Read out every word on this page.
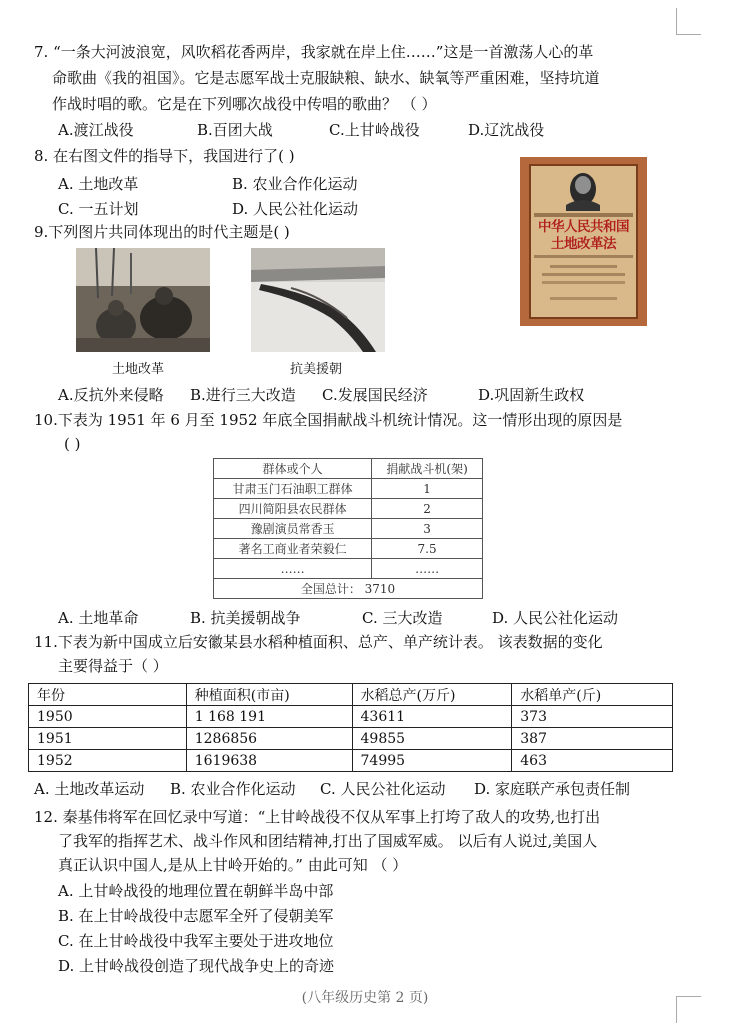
7. “一条大河波浪宽，风吹稻花香两岸，我家就在岸上住……”这是一首激荡人心的革
命歌曲《我的祖国》。它是志愿军战士克服缺粮、缺水、缺氧等严重困难，坚持坑道
作战时唱的歌。它是在下列哪次战役中传唱的歌曲？ （ ）
A.渡江战役	B.百团大战	C.上甘岭战役	D.辽沈战役
8. 在右图文件的指导下，我国进行了( )
A. 土地改革	B. 农业合作化运动
C. 一五计划	D. 人民公社化运动
中华人民共和国土地改革法
9.下列图片共同体现出的时代主题是( )
土地改革	抗美援朝
A.反抗外来侵略 B.进行三大改造 C.发展国民经济	D.巩固新生政权
10.下表为 1951 年 6 月至 1952 年底全国捐献战斗机统计情况。这一情形出现的原因是
( )
群体或个人	捐献战斗机(架)
甘肃玉门石油职工群体	1
四川简阳县农民群体	2
豫剧演员常香玉	3
著名工商业者荣毅仁	7.5
……	……
全国总计： 3710	
A. 土地革命	B. 抗美援朝战争	C. 三大改造	D. 人民公社化运动
11.下表为新中国成立后安徽某县水稻种植面积、总产、单产统计表。 该表数据的变化
主要得益于（ ）
年份	种植面积(市亩)	水稻总产(万斤)	水稻单产(斤)
1950	1 168 191	43611	373
1951	1286856	49855	387
1952	1619638	74995	463
A. 土地改革运动 B. 农业合作化运动 C. 人民公社化运动 D. 家庭联产承包责任制
12. 秦基伟将军在回忆录中写道：“上甘岭战役不仅从军事上打垮了敌人的攻势,也打出
了我军的指挥艺术、战斗作风和团结精神,打出了国威军威。 以后有人说过,美国人
真正认识中国人,是从上甘岭开始的。” 由此可知 （ ）
A. 上甘岭战役的地理位置在朝鲜半岛中部
B. 在上甘岭战役中志愿军全歼了侵朝美军
C. 在上甘岭战役中我军主要处于进攻地位
D. 上甘岭战役创造了现代战争史上的奇迹
(八年级历史第 2 页)
